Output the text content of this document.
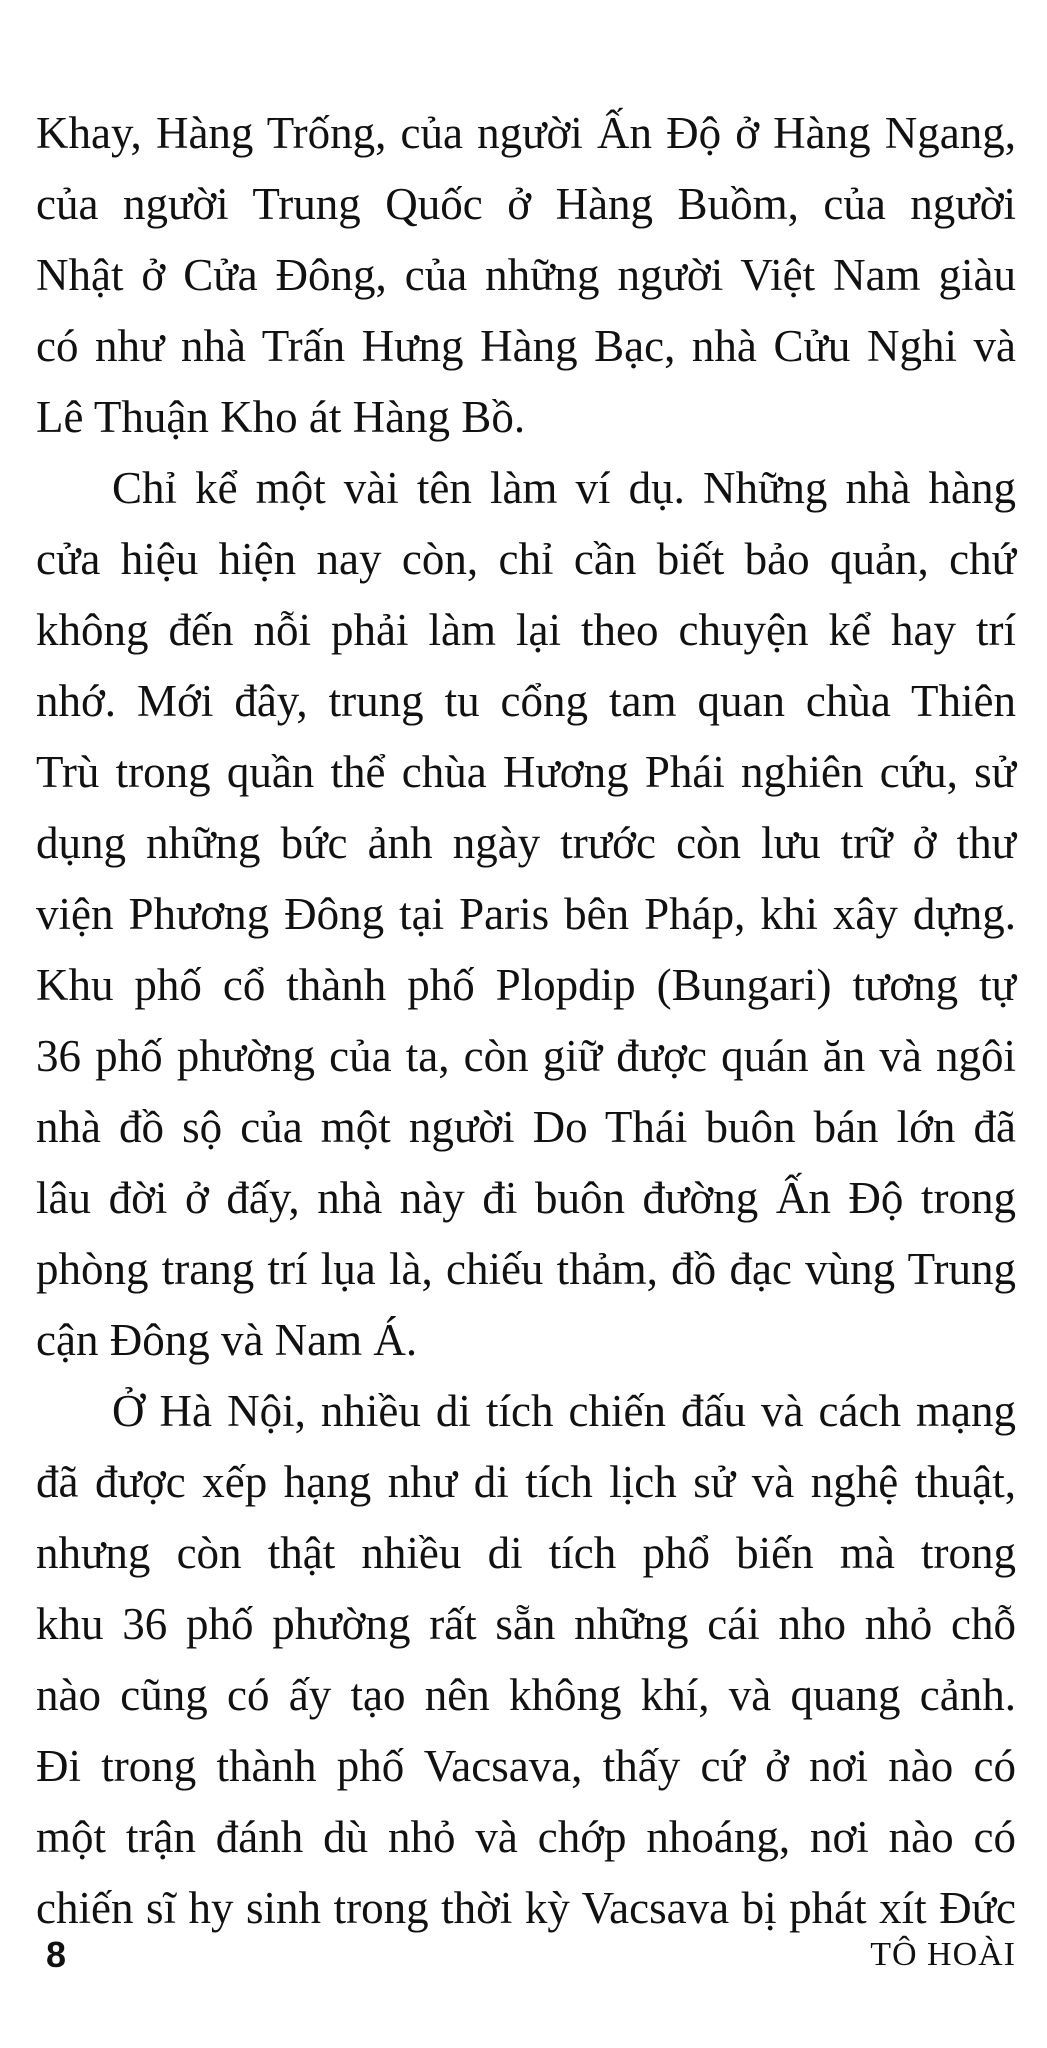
Khay, Hàng Trống, của người Ấn Độ ở Hàng Ngang,
của người Trung Quốc ở Hàng Buồm, của người
Nhật ở Cửa Đông, của những người Việt Nam giàu
có như nhà Trấn Hưng Hàng Bạc, nhà Cửu Nghi và
Lê Thuận Kho át Hàng Bồ.
Chỉ kể một vài tên làm ví dụ. Những nhà hàng
cửa hiệu hiện nay còn, chỉ cần biết bảo quản, chứ
không đến nỗi phải làm lại theo chuyện kể hay trí
nhớ. Mới đây, trung tu cổng tam quan chùa Thiên
Trù trong quần thể chùa Hương Phái nghiên cứu, sử
dụng những bức ảnh ngày trước còn lưu trữ ở thư
viện Phương Đông tại Paris bên Pháp, khi xây dựng.
Khu phố cổ thành phố Plopdip (Bungari) tương tự
36 phố phường của ta, còn giữ được quán ăn và ngôi
nhà đồ sộ của một người Do Thái buôn bán lớn đã
lâu đời ở đấy, nhà này đi buôn đường Ấn Độ trong
phòng trang trí lụa là, chiếu thảm, đồ đạc vùng Trung
cận Đông và Nam Á.
Ở Hà Nội, nhiều di tích chiến đấu và cách mạng
đã được xếp hạng như di tích lịch sử và nghệ thuật,
nhưng còn thật nhiều di tích phổ biến mà trong
khu 36 phố phường rất sẵn những cái nho nhỏ chỗ
nào cũng có ấy tạo nên không khí, và quang cảnh.
Đi trong thành phố Vacsava, thấy cứ ở nơi nào có
một trận đánh dù nhỏ và chớp nhoáng, nơi nào có
chiến sĩ hy sinh trong thời kỳ Vacsava bị phát xít Đức
8	TÔ HOÀI
